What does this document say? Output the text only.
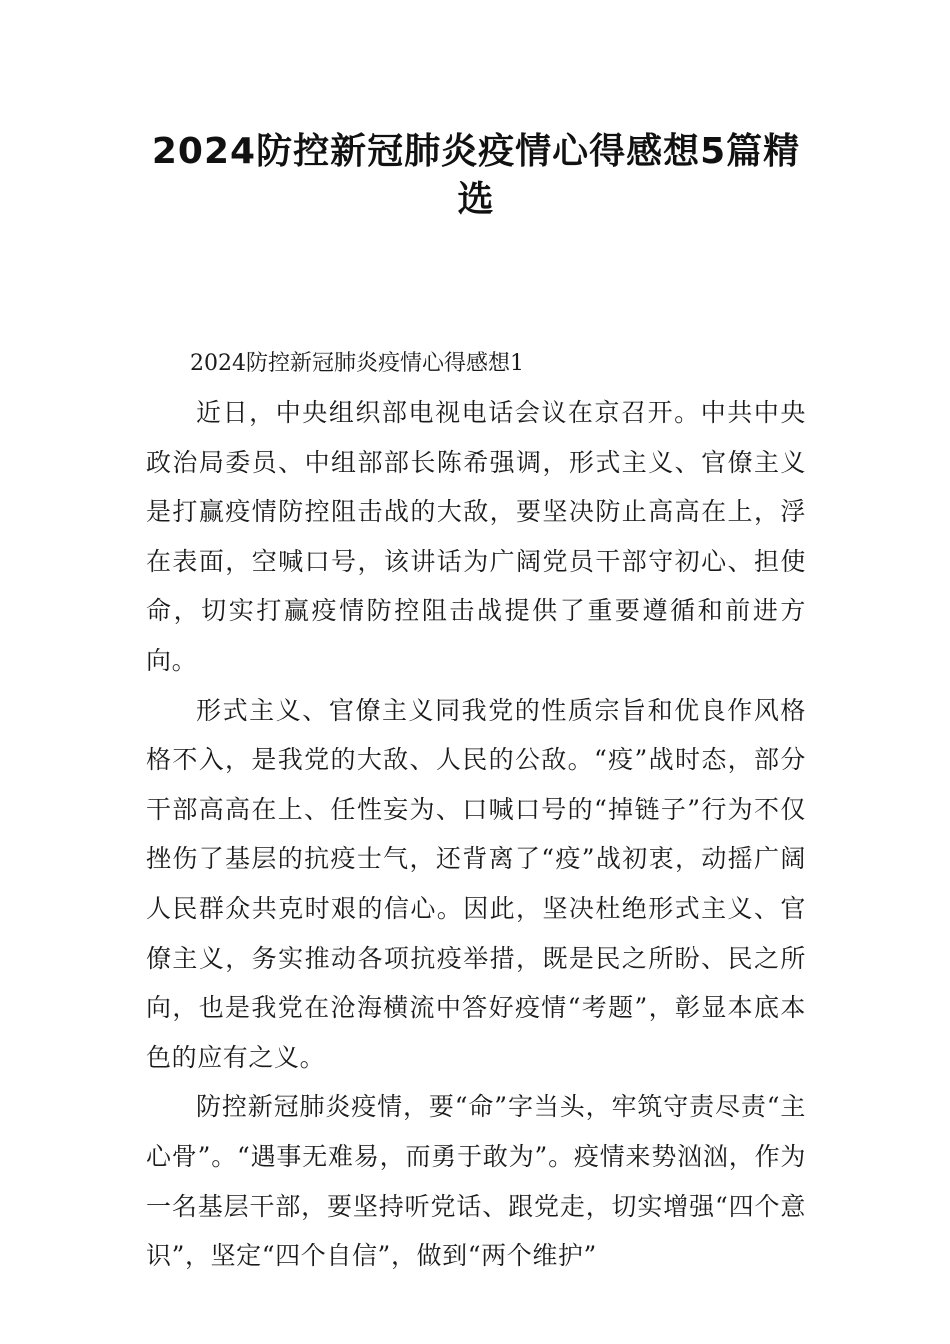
2024防控新冠肺炎疫情心得感想5篇精选

2024防控新冠肺炎疫情心得感想1

近日，中央组织部电视电话会议在京召开。中共中央政治局委员、中组部部长陈希强调，形式主义、官僚主义是打赢疫情防控阻击战的大敌，要坚决防止高高在上，浮在表面，空喊口号，该讲话为广阔党员干部守初心、担使命，切实打赢疫情防控阻击战提供了重要遵循和前进方向。

形式主义、官僚主义同我党的性质宗旨和优良作风格格不入，是我党的大敌、人民的公敌。“疫”战时态，部分干部高高在上、任性妄为、口喊口号的“掉链子”行为不仅挫伤了基层的抗疫士气，还背离了“疫”战初衷，动摇广阔人民群众共克时艰的信心。因此，坚决杜绝形式主义、官僚主义，务实推动各项抗疫举措，既是民之所盼、民之所向，也是我党在沧海横流中答好疫情“考题”，彰显本底本色的应有之义。

防控新冠肺炎疫情，要“命”字当头，牢筑守责尽责“主心骨”。“遇事无难易，而勇于敢为”。疫情来势汹汹，作为一名基层干部，要坚持听党话、跟党走，切实增强“四个意识”，坚定“四个自信”，做到“两个维护”
